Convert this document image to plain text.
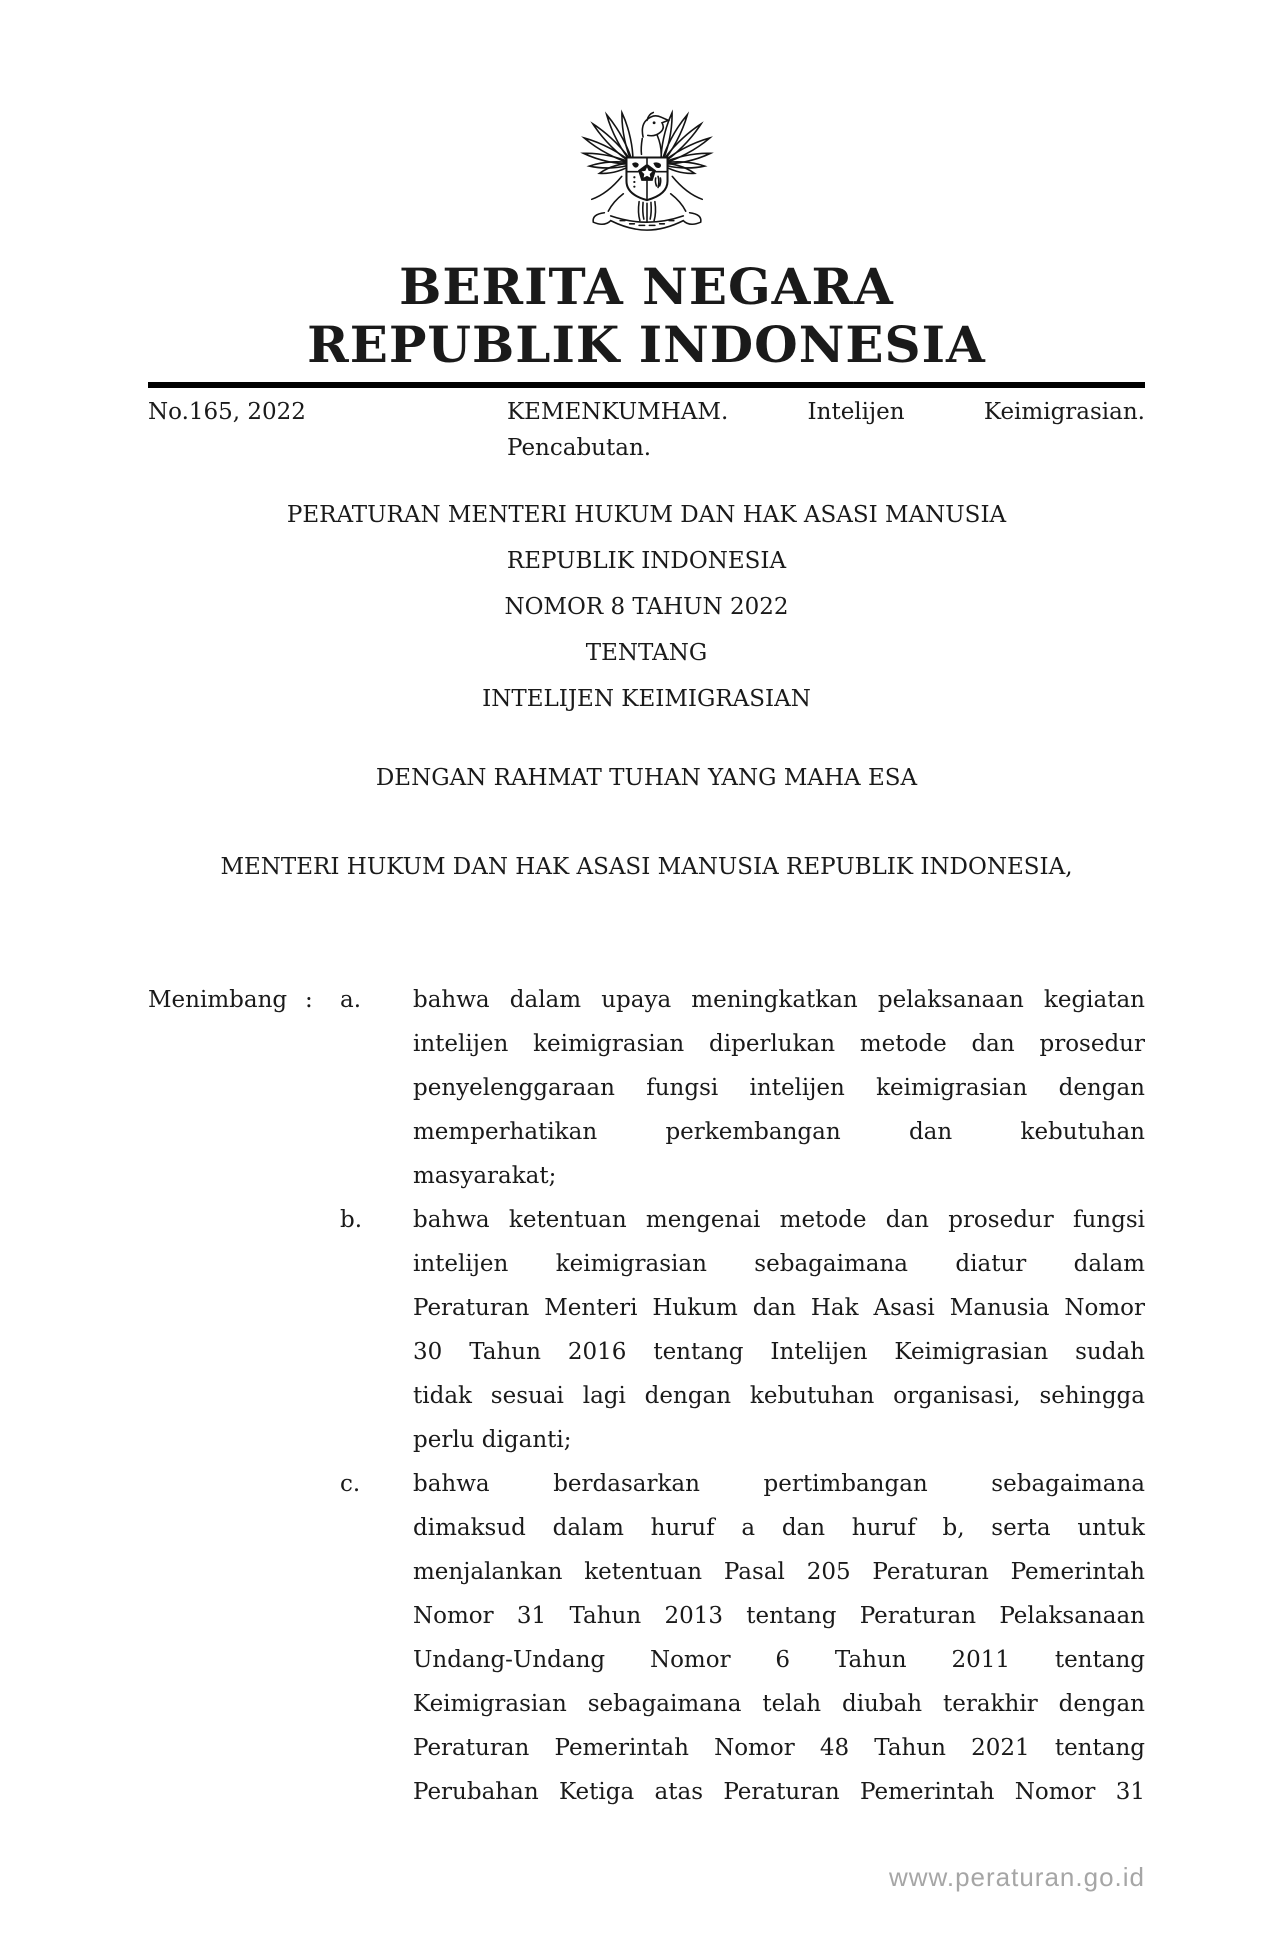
BERITA NEGARA
REPUBLIK INDONESIA
No.165, 2022	KEMENKUMHAM. Intelijen Keimigrasian.
Pencabutan.
PERATURAN MENTERI HUKUM DAN HAK ASASI MANUSIA
REPUBLIK INDONESIA
NOMOR 8 TAHUN 2022
TENTANG
INTELIJEN KEIMIGRASIAN
DENGAN RAHMAT TUHAN YANG MAHA ESA
MENTERI HUKUM DAN HAK ASASI MANUSIA REPUBLIK INDONESIA,
Menimbang :	a.	bahwa dalam upaya meningkatkan pelaksanaan kegiatan
intelijen keimigrasian diperlukan metode dan prosedur
penyelenggaraan fungsi intelijen keimigrasian dengan
memperhatikan perkembangan dan kebutuhan
masyarakat;
b.	bahwa ketentuan mengenai metode dan prosedur fungsi
intelijen keimigrasian sebagaimana diatur dalam
Peraturan Menteri Hukum dan Hak Asasi Manusia Nomor
30 Tahun 2016 tentang Intelijen Keimigrasian sudah
tidak sesuai lagi dengan kebutuhan organisasi, sehingga
perlu diganti;
c.	bahwa berdasarkan pertimbangan sebagaimana
dimaksud dalam huruf a dan huruf b, serta untuk
menjalankan ketentuan Pasal 205 Peraturan Pemerintah
Nomor 31 Tahun 2013 tentang Peraturan Pelaksanaan
Undang-Undang Nomor 6 Tahun 2011 tentang
Keimigrasian sebagaimana telah diubah terakhir dengan
Peraturan Pemerintah Nomor 48 Tahun 2021 tentang
Perubahan Ketiga atas Peraturan Pemerintah Nomor 31
www.peraturan.go.id
